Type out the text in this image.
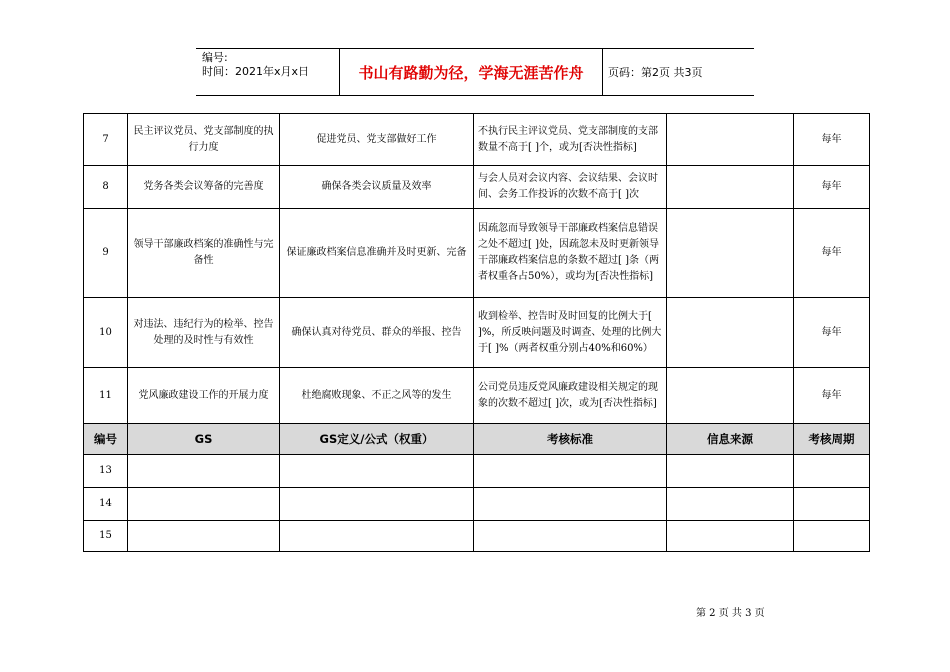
编号:
时间：2021年x月x日	书山有路勤为径，学海无涯苦作舟	页码：第2页 共3页
7	民主评议党员、党支部制度的执行力度	促进党员、党支部做好工作	不执行民主评议党员、党支部制度的支部数量不高于[ ]个，或为[否决性指标]		每年
8	党务各类会议筹备的完善度	确保各类会议质量及效率	与会人员对会议内容、会议结果、会议时间、会务工作投诉的次数不高于[ ]次		每年
9	领导干部廉政档案的准确性与完备性	保证廉政档案信息准确并及时更新、完备	因疏忽而导致领导干部廉政档案信息错误之处不超过[ ]处，因疏忽未及时更新领导干部廉政档案信息的条数不超过[ ]条（两者权重各占50%），或均为[否决性指标]		每年
10	对违法、违纪行为的检举、控告处理的及时性与有效性	确保认真对待党员、群众的举报、控告	收到检举、控告时及时回复的比例大于[ ]%，所反映问题及时调查、处理的比例大于[ ]%（两者权重分别占40%和60%）		每年
11	党风廉政建设工作的开展力度	杜绝腐败现象、不正之风等的发生	公司党员违反党风廉政建设相关规定的现象的次数不超过[ ]次，或为[否决性指标]		每年
编号	GS	GS定义/公式（权重）	考核标准	信息来源	考核周期
13					
14					
15					
第 2 页 共 3 页
